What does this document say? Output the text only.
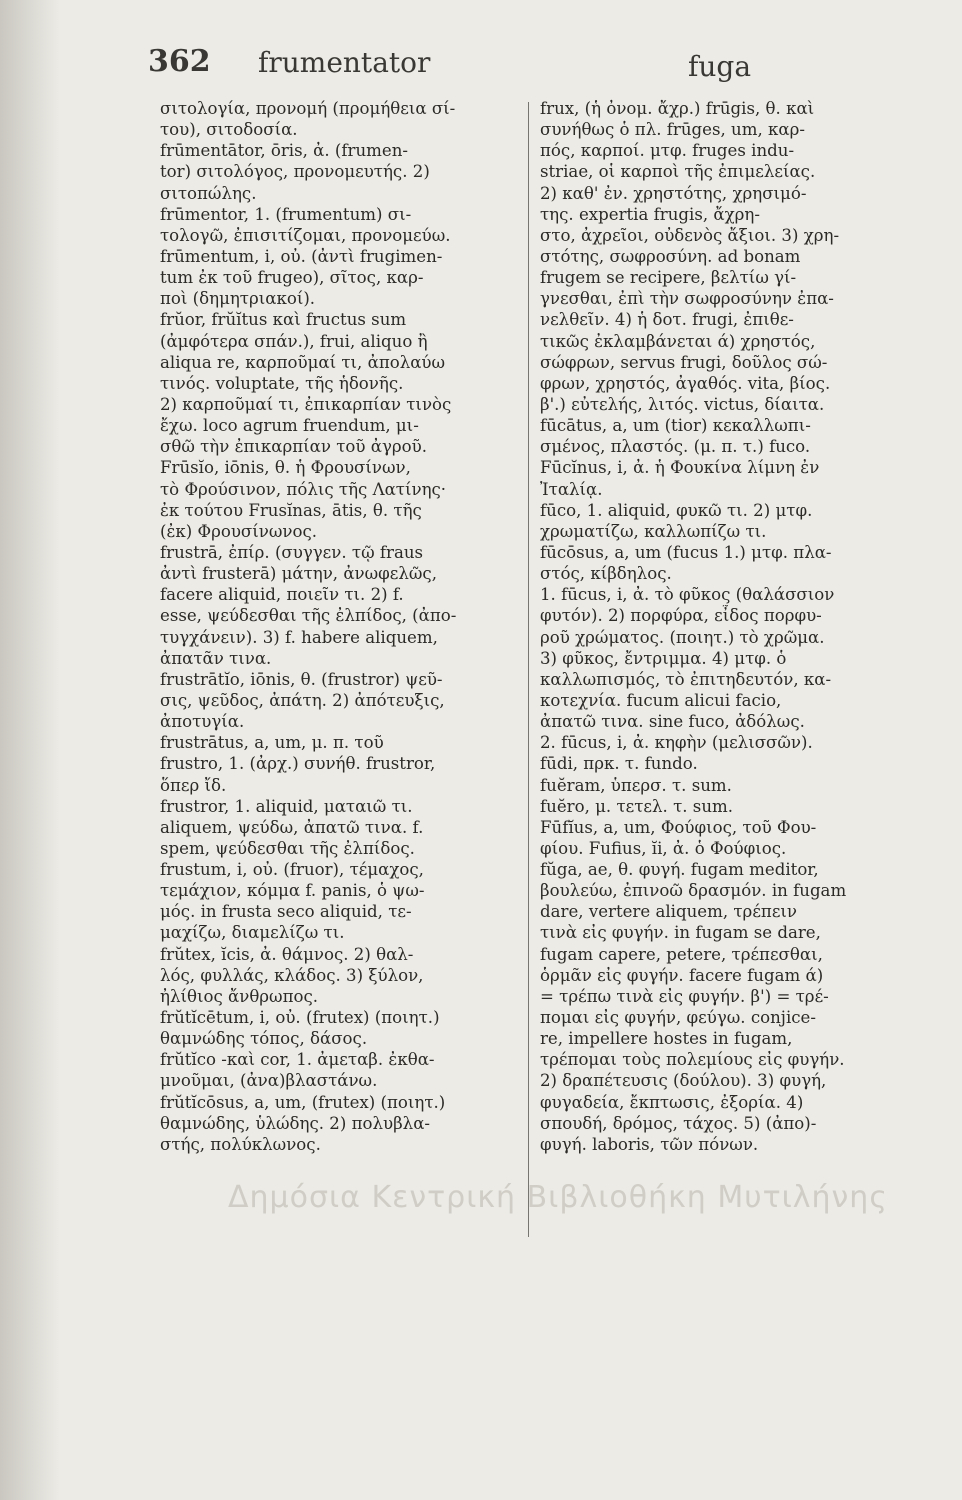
362 frumentator	fuga
σιτολογία, προνομή (προμήθεια σί-
του), σιτοδοσία.
frūmentātor, ōris, ἀ. (frumen-
tor) σιτολόγος, προνομευτής. 2)
σιτοπώλης.
frūmentor, 1. (frumentum) σι-
τολογῶ, ἐπισιτίζομαι, προνομεύω.
frūmentum, i, οὐ. (ἀντὶ frugimen-
tum ἐκ τοῦ frugeo), σῖτος, καρ-
ποὶ (δημητριακοί).
frŭor, frŭĭtus καὶ fructus sum
(ἀμφότερα σπάν.), frui, aliquo ἢ
aliqua re, καρποῦμαί τι, ἀπολαύω
τινός. voluptate, τῆς ἡδονῆς.
2) καρποῦμαί τι, ἐπικαρπίαν τινὸς
ἔχω. loco agrum fruendum, μι-
σθῶ τὴν ἐπικαρπίαν τοῦ ἀγροῦ.
Frūsĭo, iōnis, θ. ἡ Φρουσίνων,
τὸ Φρούσινον, πόλις τῆς Λατίνης·
ἐκ τούτου Frusĭnas, ātis, θ. τῆς
(ἐκ) Φρουσίνωνος.
frustrā, ἐπίρ. (συγγεν. τῷ fraus
ἀντὶ frusterā) μάτην, ἀνωφελῶς,
facere aliquid, ποιεῖν τι. 2) f.
esse, ψεύδεσθαι τῆς ἐλπίδος, (ἀπο-
τυγχάνειν). 3) f. habere aliquem,
ἀπατᾶν τινα.
frustrātĭo, iōnis, θ. (frustror) ψεῦ-
σις, ψεῦδος, ἀπάτη. 2) ἀπότευξις,
ἀποτυγία.
frustrātus, a, um, μ. π. τοῦ
frustro, 1. (ἀρχ.) συνήθ. frustror,
ὅπερ ἴδ.
frustror, 1. aliquid, ματαιῶ τι.
aliquem, ψεύδω, ἀπατῶ τινα. f.
spem, ψεύδεσθαι τῆς ἐλπίδος.
frustum, i, οὐ. (fruor), τέμαχος,
τεμάχιον, κόμμα f. panis, ὁ ψω-
μός. in frusta seco aliquid, τε-
μαχίζω, διαμελίζω τι.
frŭtex, ĭcis, ἀ. θάμνος. 2) θαλ-
λός, φυλλάς, κλάδος. 3) ξύλον,
ἠλίθιος ἄνθρωπος.
frŭtĭcētum, i, οὐ. (frutex) (ποιητ.)
θαμνώδης τόπος, δάσος.
frŭtĭco -καὶ cor, 1. ἀμεταβ. ἐκθα-
μνοῦμαι, (ἀνα)βλαστάνω.
frŭtĭcōsus, a, um, (frutex) (ποιητ.)
θαμνώδης, ὑλώδης. 2) πολυβλα-
στής, πολύκλωνος.
frux, (ἡ ὀνομ. ἄχρ.) frūgis, θ. καὶ
συνήθως ὁ πλ. frūges, um, καρ-
πός, καρποί. μτφ. fruges indu-
striae, οἱ καρποὶ τῆς ἐπιμελείας.
2) καθ' ἐν. χρηστότης, χρησιμό-
της. expertia frugis, ἄχρη-
στο, ἀχρεῖοι, οὐδενὸς ἄξιοι. 3) χρη-
στότης, σωφροσύνη. ad bonam
frugem se recipere, βελτίω γί-
γνεσθαι, ἐπὶ τὴν σωφροσύνην ἐπα-
νελθεῖν. 4) ἡ δοτ. frugi, ἐπιθε-
τικῶς ἐκλαμβάνεται ά) χρηστός,
σώφρων, servus frugi, δοῦλος σώ-
φρων, χρηστός, ἀγαθός. vita, βίος.
β'.) εὐτελής, λιτός. victus, δίαιτα.
fūcātus, a, um (tior) κεκαλλωπι-
σμένος, πλαστός. (μ. π. τ.) fuco.
Fūcĭnus, i, ἀ. ἡ Φουκίνα λίμνη ἐν
Ἰταλίᾳ.
fūco, 1. aliquid, φυκῶ τι. 2) μτφ.
χρωματίζω, καλλωπίζω τι.
fūcōsus, a, um (fucus 1.) μτφ. πλα-
στός, κίβδηλος.
1. fūcus, i, ἀ. τὸ φῦκος (θαλάσσιον
φυτόν). 2) πορφύρα, εἶδος πορφυ-
ροῦ χρώματος. (ποιητ.) τὸ χρῶμα.
3) φῦκος, ἔντριμμα. 4) μτφ. ὁ
καλλωπισμός, τὸ ἐπιτηδευτόν, κα-
κοτεχνία. fucum alicui facio,
ἀπατῶ τινα. sine fuco, ἀδόλως.
2. fūcus, i, ἀ. κηφὴν (μελισσῶν).
fūdi, πρκ. τ. fundo.
fuĕram, ὑπερσ. τ. sum.
fuĕro, μ. τετελ. τ. sum.
Fūfĭus, a, um, Φούφιος, τοῦ Φου-
φίου. Fufius, ĭi, ἀ. ὁ Φούφιος.
fŭga, ae, θ. φυγή. fugam meditor,
βουλεύω, ἐπινοῶ δρασμόν. in fugam
dare, vertere aliquem, τρέπειν
τινὰ εἰς φυγήν. in fugam se dare,
fugam capere, petere, τρέπεσθαι,
ὁρμᾶν εἰς φυγήν. facere fugam ά)
= τρέπω τινὰ εἰς φυγήν. β') = τρέ-
πομαι εἰς φυγήν, φεύγω. conjice-
re, impellere hostes in fugam,
τρέπομαι τοὺς πολεμίους εἰς φυγήν.
2) δραπέτευσις (δούλου). 3) φυγή,
φυγαδεία, ἔκπτωσις, ἐξορία. 4)
σπουδή, δρόμος, τάχος. 5) (ἀπο)-
φυγή. laboris, τῶν πόνων.
Δημόσια Κεντρική Βιβλιοθήκη Μυτιλήνης
